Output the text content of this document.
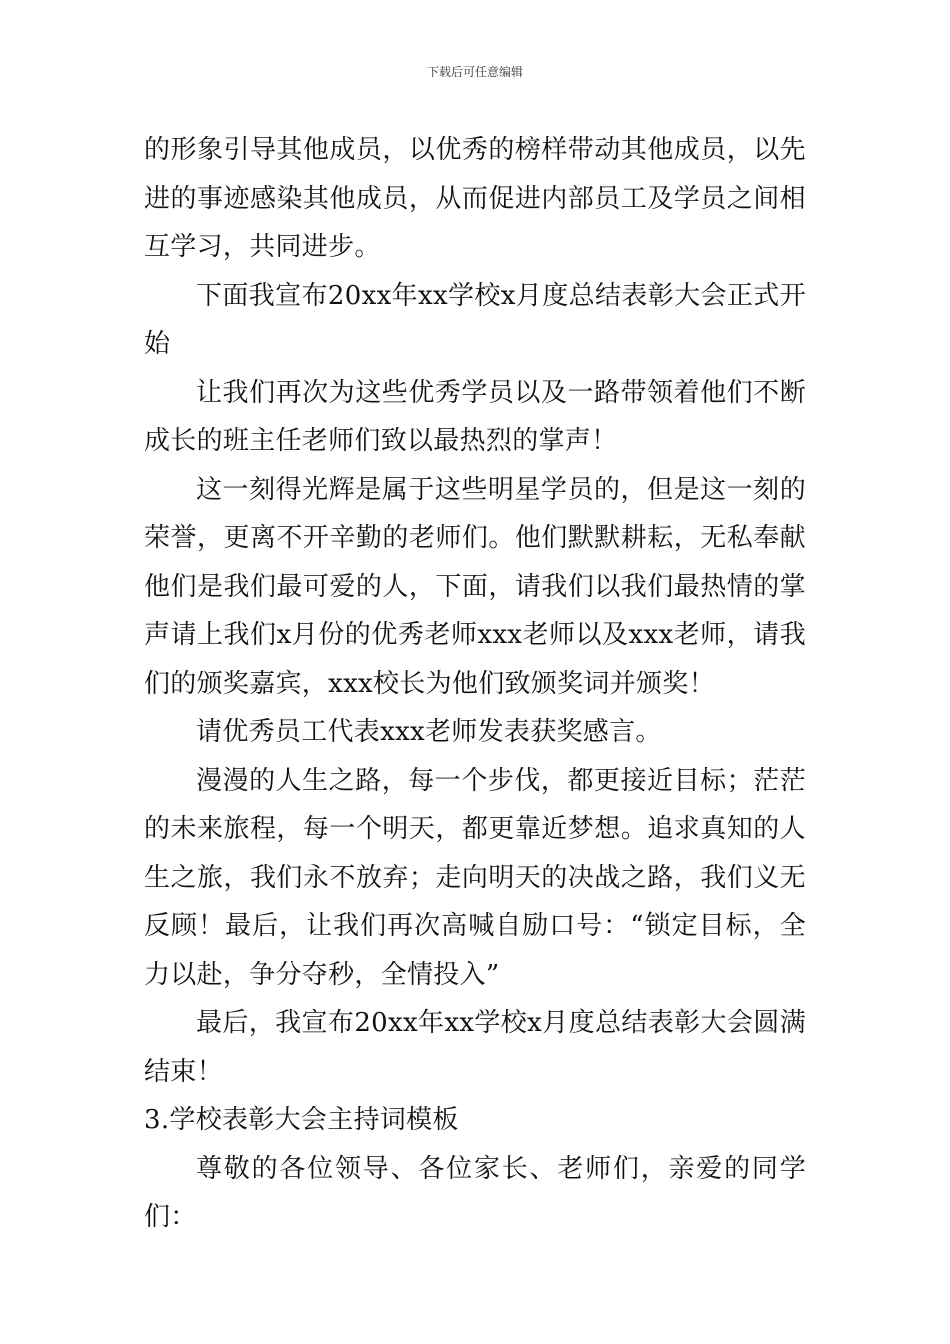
下载后可任意编辑

的形象引导其他成员，以优秀的榜样带动其他成员，以先进的事迹感染其他成员，从而促进内部员工及学员之间相互学习，共同进步。

下面我宣布20xx年xx学校x月度总结表彰大会正式开始

让我们再次为这些优秀学员以及一路带领着他们不断成长的班主任老师们致以最热烈的掌声！

这一刻得光辉是属于这些明星学员的，但是这一刻的荣誉，更离不开辛勤的老师们。他们默默耕耘，无私奉献他们是我们最可爱的人，下面，请我们以我们最热情的掌声请上我们x月份的优秀老师xxx老师以及xxx老师，请我们的颁奖嘉宾，xxx校长为他们致颁奖词并颁奖！

请优秀员工代表xxx老师发表获奖感言。

漫漫的人生之路，每一个步伐，都更接近目标；茫茫的未来旅程，每一个明天，都更靠近梦想。追求真知的人生之旅，我们永不放弃；走向明天的决战之路，我们义无反顾！最后，让我们再次高喊自励口号：“锁定目标，全力以赴，争分夺秒，全情投入”

最后，我宣布20xx年xx学校x月度总结表彰大会圆满结束！

3.学校表彰大会主持词模板

尊敬的各位领导、各位家长、老师们，亲爱的同学们：
